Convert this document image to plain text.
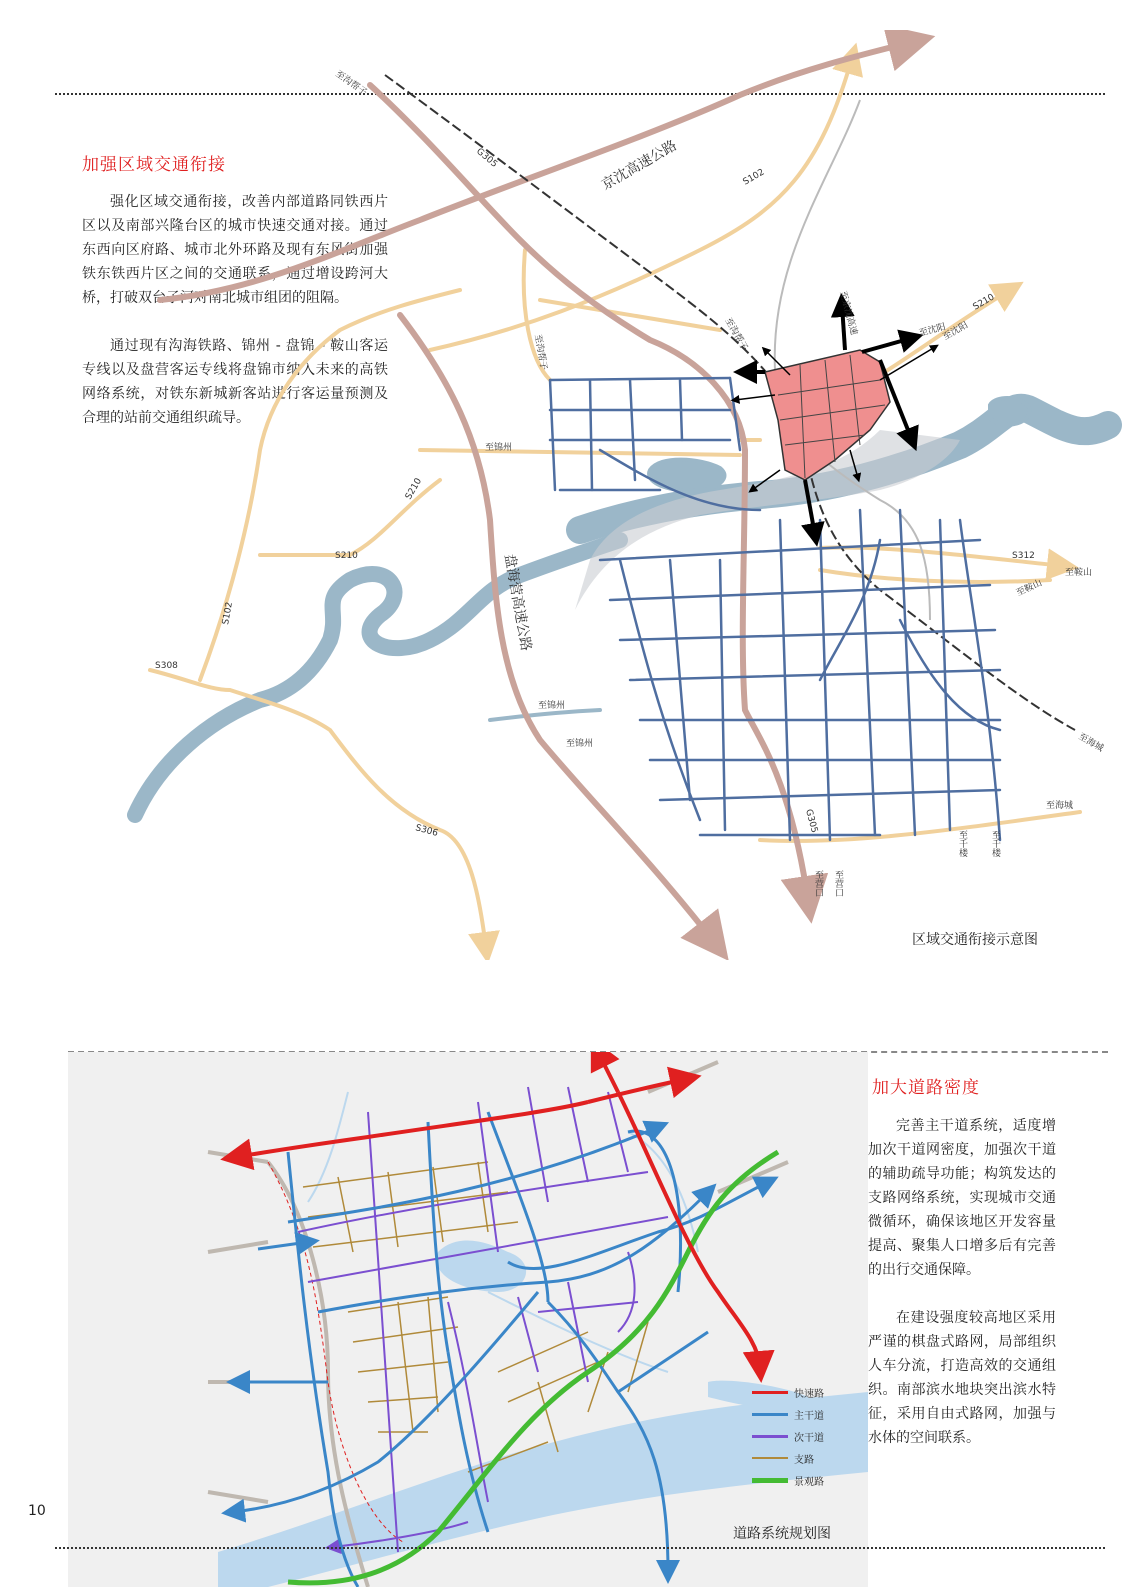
加强区域交通衔接

强化区域交通衔接，改善内部道路同铁西片区以及南部兴隆台区的城市快速交通对接。通过东西向区府路、城市北外环路及现有东风街加强铁东铁西片区之间的交通联系，通过增设跨河大桥，打破双台子河对南北城市组团的阻隔。

通过现有沟海铁路、锦州 - 盘锦 - 鞍山客运专线以及盘营客运专线将盘锦市纳入未来的高铁网络系统，对铁东新城新客站进行客运量预测及合理的站前交通组织疏导。

京沈高速公路
盘海营高速公路
G305
G305
S102
S102
S210
S210
S210
S308
S306
S312
至沟帮子
至沟帮子	至沟帮子
至锦州
至锦州
至锦州
至沈阳
至沈阳
至京沈高速
至鞍山
至鞍山
至海城
至海城
至千楼	至千楼
至营口 至营口
区域交通衔接示意图
快速路
主干道
次干道
支路
景观路
道路系统规划图
加大道路密度

完善主干道系统，适度增加次干道网密度，加强次干道的辅助疏导功能；构筑发达的支路网络系统，实现城市交通微循环，确保该地区开发容量提高、聚集人口增多后有完善的出行交通保障。

在建设强度较高地区采用严谨的棋盘式路网，局部组织人车分流，打造高效的交通组织。南部滨水地块突出滨水特征，采用自由式路网，加强与水体的空间联系。

10
